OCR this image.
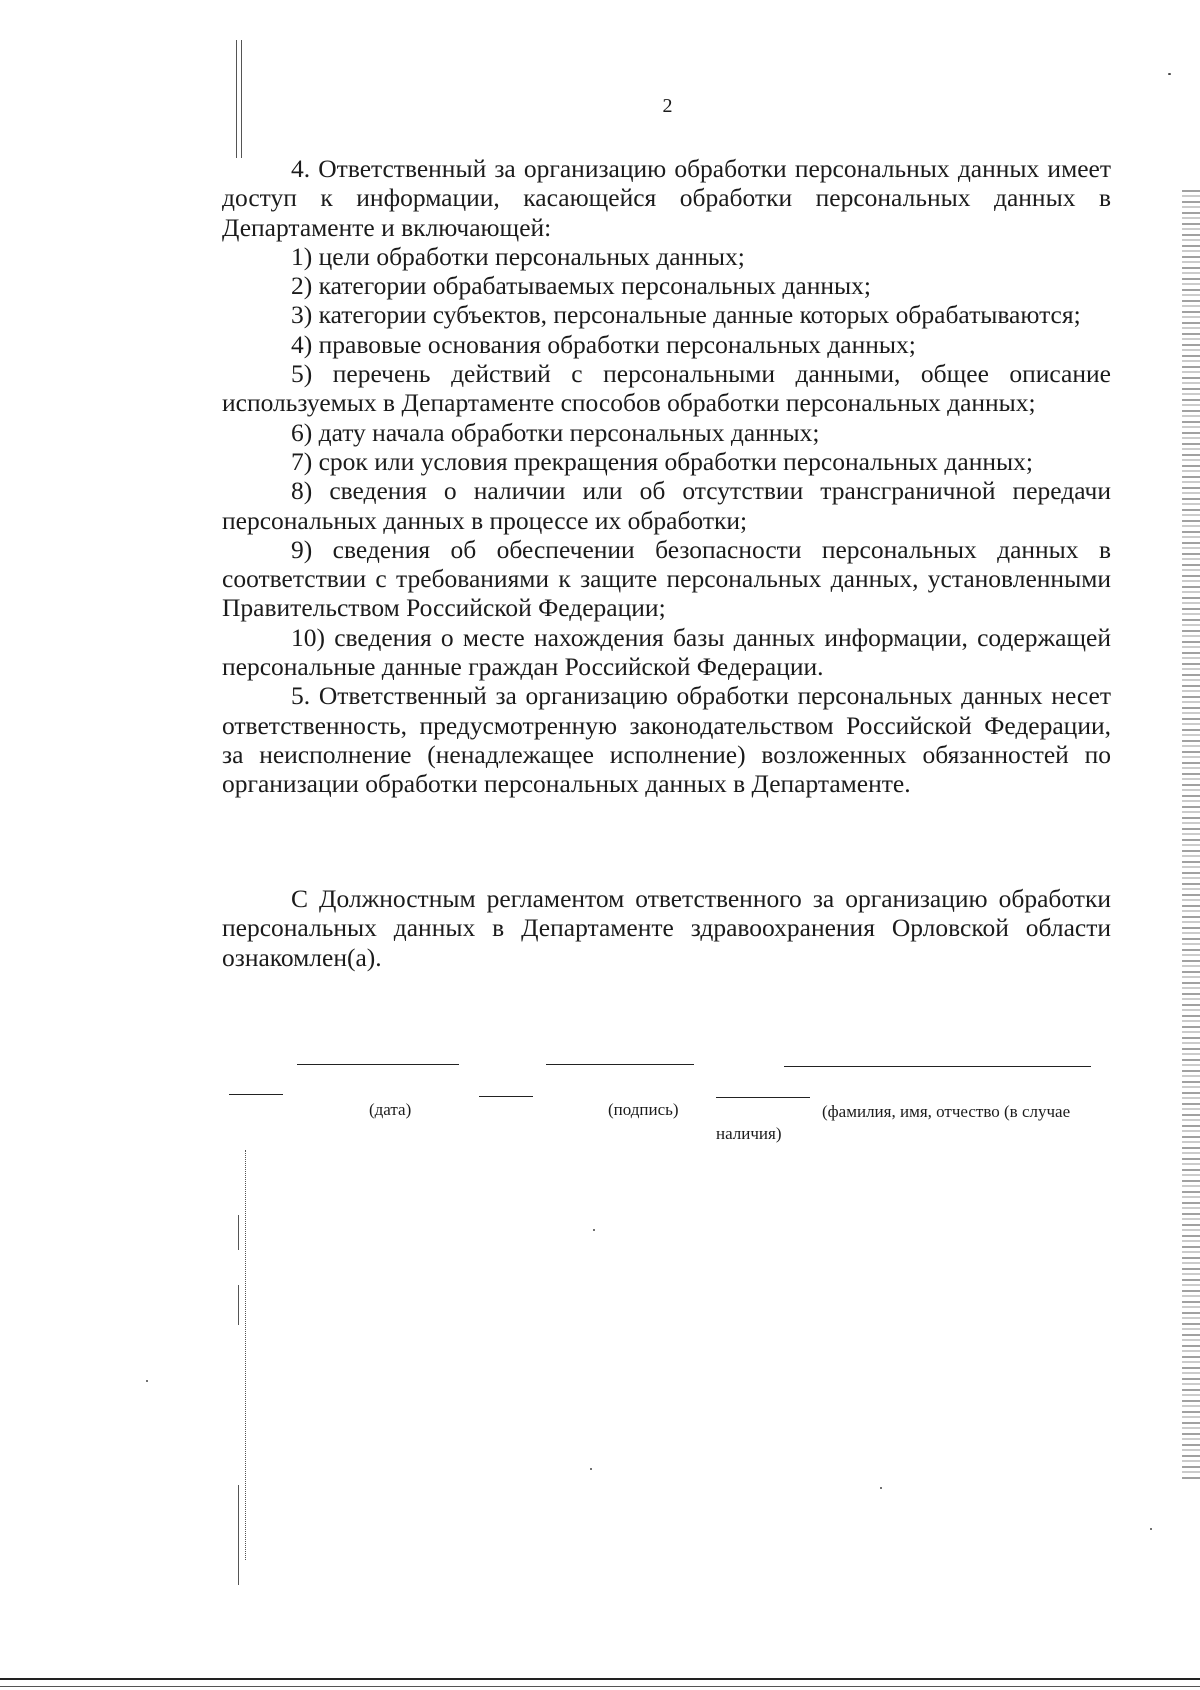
2

4. Ответственный за организацию обработки персональных данных имеет доступ к информации, касающейся обработки персональных данных в Департаменте и включающей:

1) цели обработки персональных данных;

2) категории обрабатываемых персональных данных;

3) категории субъектов, персональные данные которых обрабатываются;

4) правовые основания обработки персональных данных;

5) перечень действий с персональными данными, общее описание используемых в Департаменте способов обработки персональных данных;

6) дату начала обработки персональных данных;

7) срок или условия прекращения обработки персональных данных;

8) сведения о наличии или об отсутствии трансграничной передачи персональных данных в процессе их обработки;

9) сведения об обеспечении безопасности персональных данных в соответствии с требованиями к защите персональных данных, установленными Правительством Российской Федерации;

10) сведения о месте нахождения базы данных информации, содержащей персональные данные граждан Российской Федерации.

5. Ответственный за организацию обработки персональных данных несет ответственность, предусмотренную законодательством Российской Федерации, за неисполнение (ненадлежащее исполнение) возложенных обязанностей по организации обработки персональных данных в Департаменте.

С Должностным регламентом ответственного за организацию обработки персональных данных в Департаменте здравоохранения Орловской области ознакомлен(а).

(дата)	(подпись)	(фамилия, имя, отчество (в случае
наличия)
